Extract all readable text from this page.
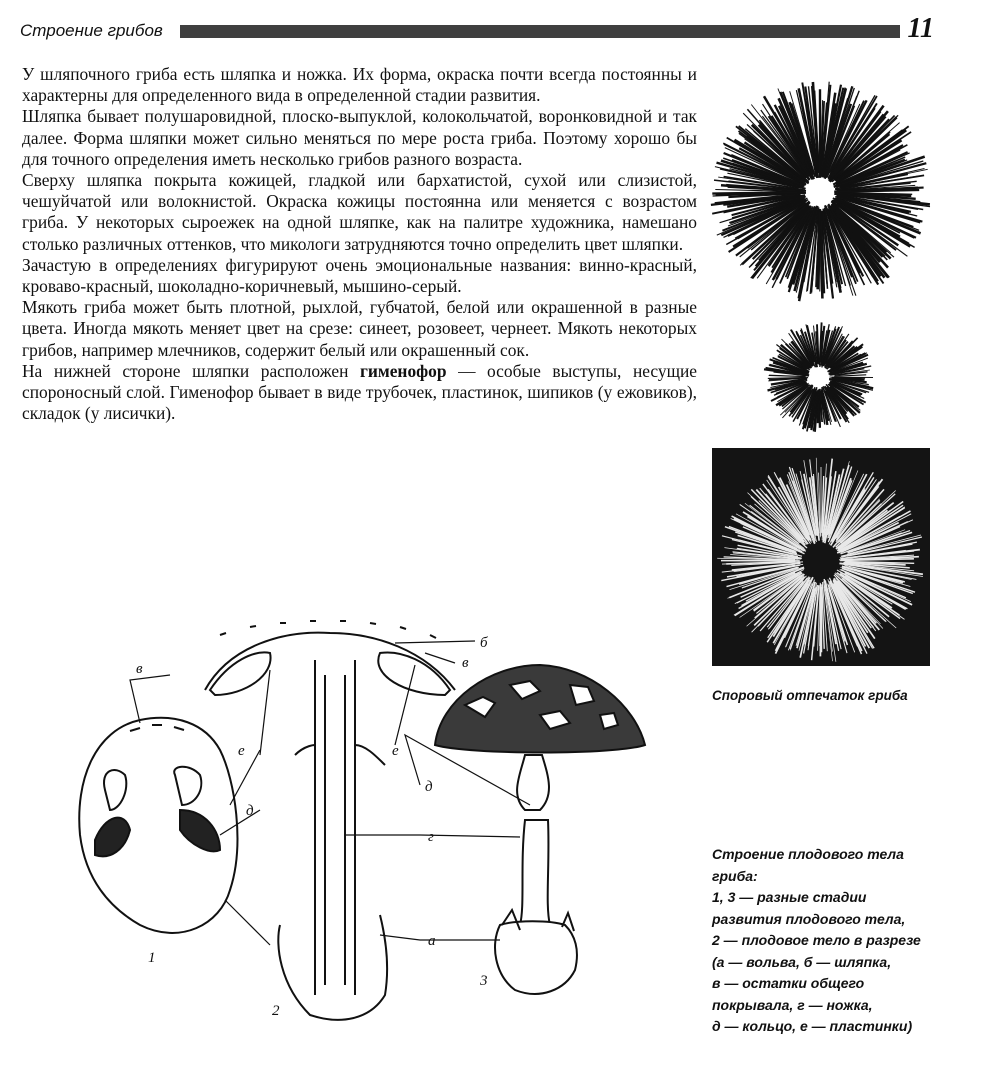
Строение грибов	11

У шляпочного гриба есть шляпка и ножка. Их форма, окраска почти всегда постоянны и характерны для определенного вида в определенной стадии развития.

Шляпка бывает полушаровидной, плоско-выпуклой, колокольчатой, воронковидной и так далее. Форма шляпки может сильно меняться по мере роста гриба. Поэтому хорошо бы для точного определения иметь несколько грибов разного возраста.

Сверху шляпка покрыта кожицей, гладкой или бархатистой, сухой или слизистой, чешуйчатой или волокнистой. Окраска кожицы постоянна или меняется с возрастом гриба. У некоторых сыроежек на одной шляпке, как на палитре художника, намешано столько различных оттенков, что микологи затрудняются точно определить цвет шляпки.

Зачастую в определениях фигурируют очень эмоциональные названия: винно-красный, кроваво-красный, шоколадно-коричневый, мышино-серый.

Мякоть гриба может быть плотной, рыхлой, губчатой, белой или окрашенной в разные цвета. Иногда мякоть меняет цвет на срезе: синеет, розовеет, чернеет. Мякоть некоторых грибов, например млечников, содержит белый или окрашенный сок.

На нижней стороне шляпки расположен гименофор — особые выступы, несущие спороносный слой. Гименофор бывает в виде трубочек, пластинок, шипиков (у ежовиков), складок (у лисички).

Споровый отпечаток гриба
в
б
в
е	е
д
д
г
а
1
2
3
Строение плодового тела
гриба:
1, 3 — разные стадии
развития плодового тела,
2 — плодовое тело в разрезе
(а — вольва, б — шляпка,
в — остатки общего
покрывала, г — ножка,
д — кольцо, е — пластинки)
